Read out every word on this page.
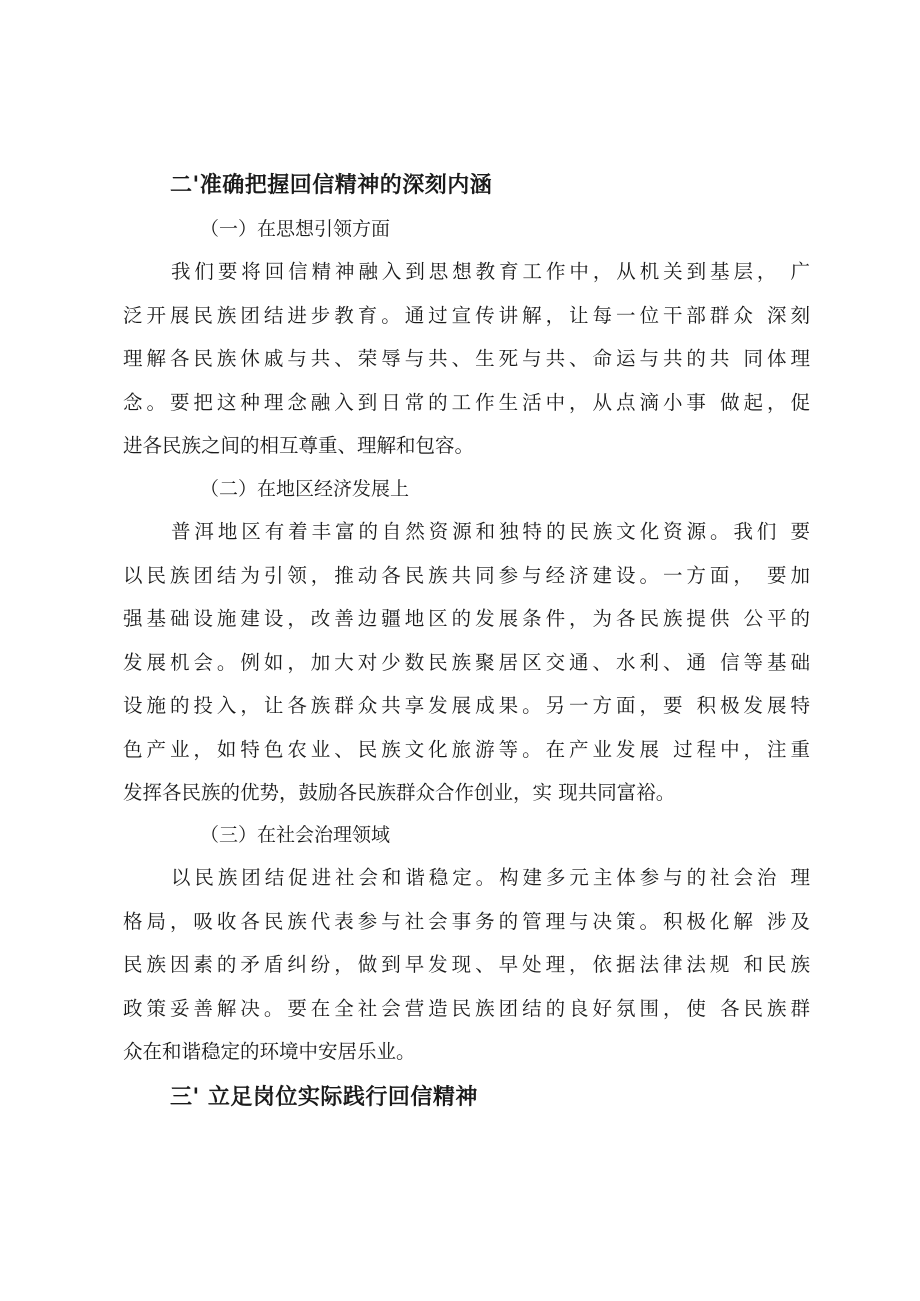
二'准确把握回信精神的深刻内涵
（一）在思想引领方面
我们要将回信精神融入到思想教育工作中，从机关到基层， 广
泛开展民族团结进步教育。通过宣传讲解，让每一位干部群众 深刻
理解各民族休戚与共、荣辱与共、生死与共、命运与共的共 同体理
念。要把这种理念融入到日常的工作生活中，从点滴小事 做起，促
进各民族之间的相互尊重、理解和包容。
（二）在地区经济发展上
普洱地区有着丰富的自然资源和独特的民族文化资源。我们 要
以民族团结为引领，推动各民族共同参与经济建设。一方面， 要加
强基础设施建设，改善边疆地区的发展条件，为各民族提供 公平的
发展机会。例如，加大对少数民族聚居区交通、水利、通 信等基础
设施的投入，让各族群众共享发展成果。另一方面，要 积极发展特
色产业，如特色农业、民族文化旅游等。在产业发展 过程中，注重
发挥各民族的优势，鼓励各民族群众合作创业，实 现共同富裕。
（三）在社会治理领域
以民族团结促进社会和谐稳定。构建多元主体参与的社会治 理
格局，吸收各民族代表参与社会事务的管理与决策。积极化解 涉及
民族因素的矛盾纠纷，做到早发现、早处理，依据法律法规 和民族
政策妥善解决。要在全社会营造民族团结的良好氛围，使 各民族群
众在和谐稳定的环境中安居乐业。
三' 立足岗位实际践行回信精神
